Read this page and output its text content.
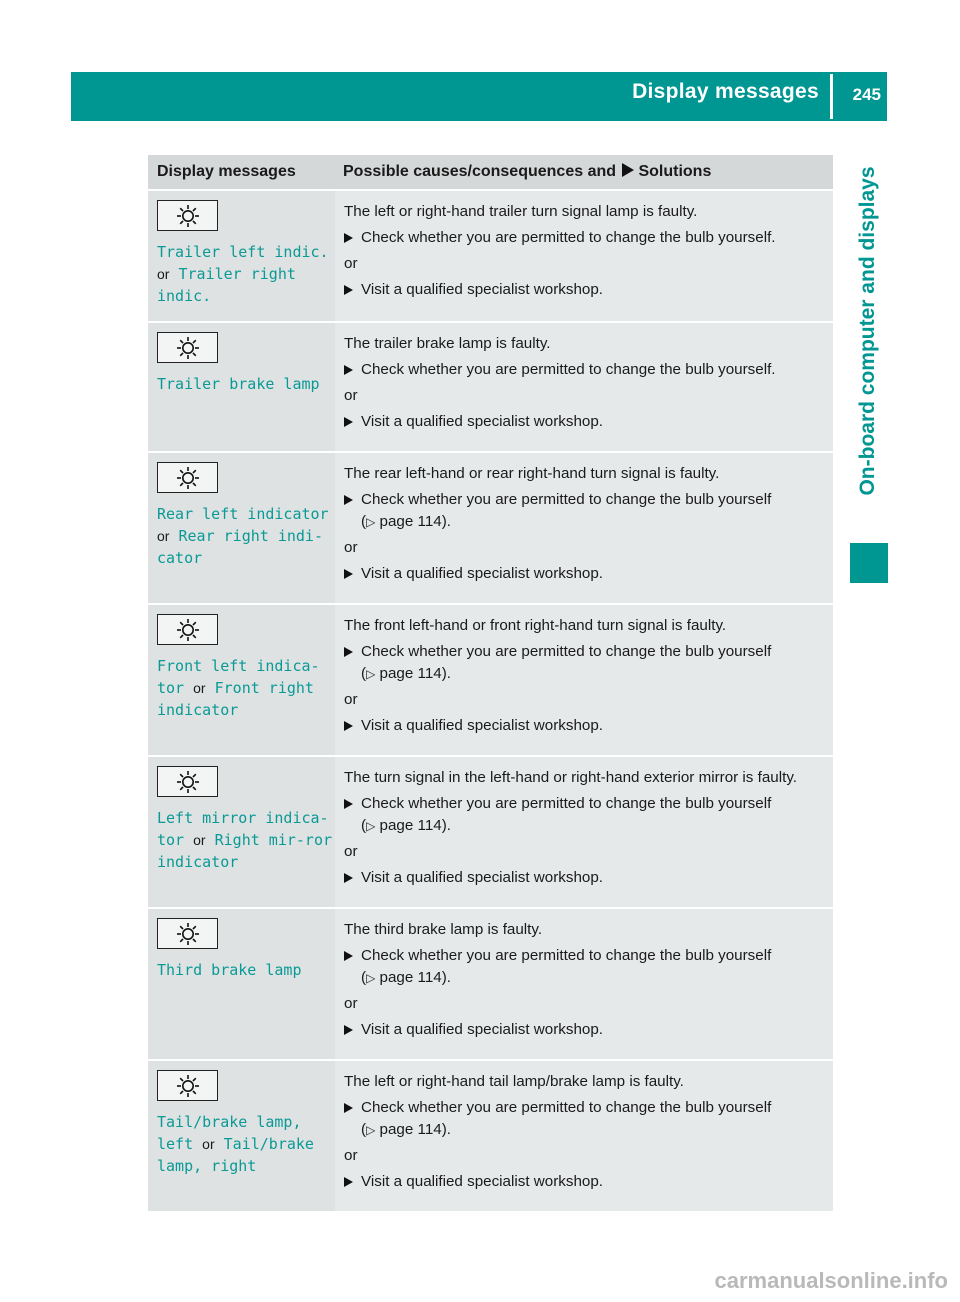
Display messages 245
On-board computer and displays
Display messages	Possible causes/consequences and Solutions

Trailer left indic. or Trailer right indic.	The left or right-hand trailer turn signal lamp is faulty.

Check whether you are permitted to change the bulb yourself.

or

Visit a qualified specialist workshop.

Trailer brake lamp	The trailer brake lamp is faulty.

Check whether you are permitted to change the bulb yourself.

or

Visit a qualified specialist workshop.

Rear left indicator or Rear right indi-cator	The rear left-hand or rear right-hand turn signal is faulty.

Check whether you are permitted to change the bulb yourself
(▷ page 114).

or

Visit a qualified specialist workshop.

Front left indica-tor or Front right indicator	The front left-hand or front right-hand turn signal is faulty.

Check whether you are permitted to change the bulb yourself
(▷ page 114).

or

Visit a qualified specialist workshop.

Left mirror indica-tor or Right mir-ror indicator	The turn signal in the left-hand or right-hand exterior mirror is faulty.

Check whether you are permitted to change the bulb yourself
(▷ page 114).

or

Visit a qualified specialist workshop.

Third brake lamp	The third brake lamp is faulty.

Check whether you are permitted to change the bulb yourself
(▷ page 114).

or

Visit a qualified specialist workshop.

Tail/brake lamp, left or Tail/brake lamp, right	The left or right-hand tail lamp/brake lamp is faulty.

Check whether you are permitted to change the bulb yourself
(▷ page 114).

or

Visit a qualified specialist workshop.
carmanualsonline.info
